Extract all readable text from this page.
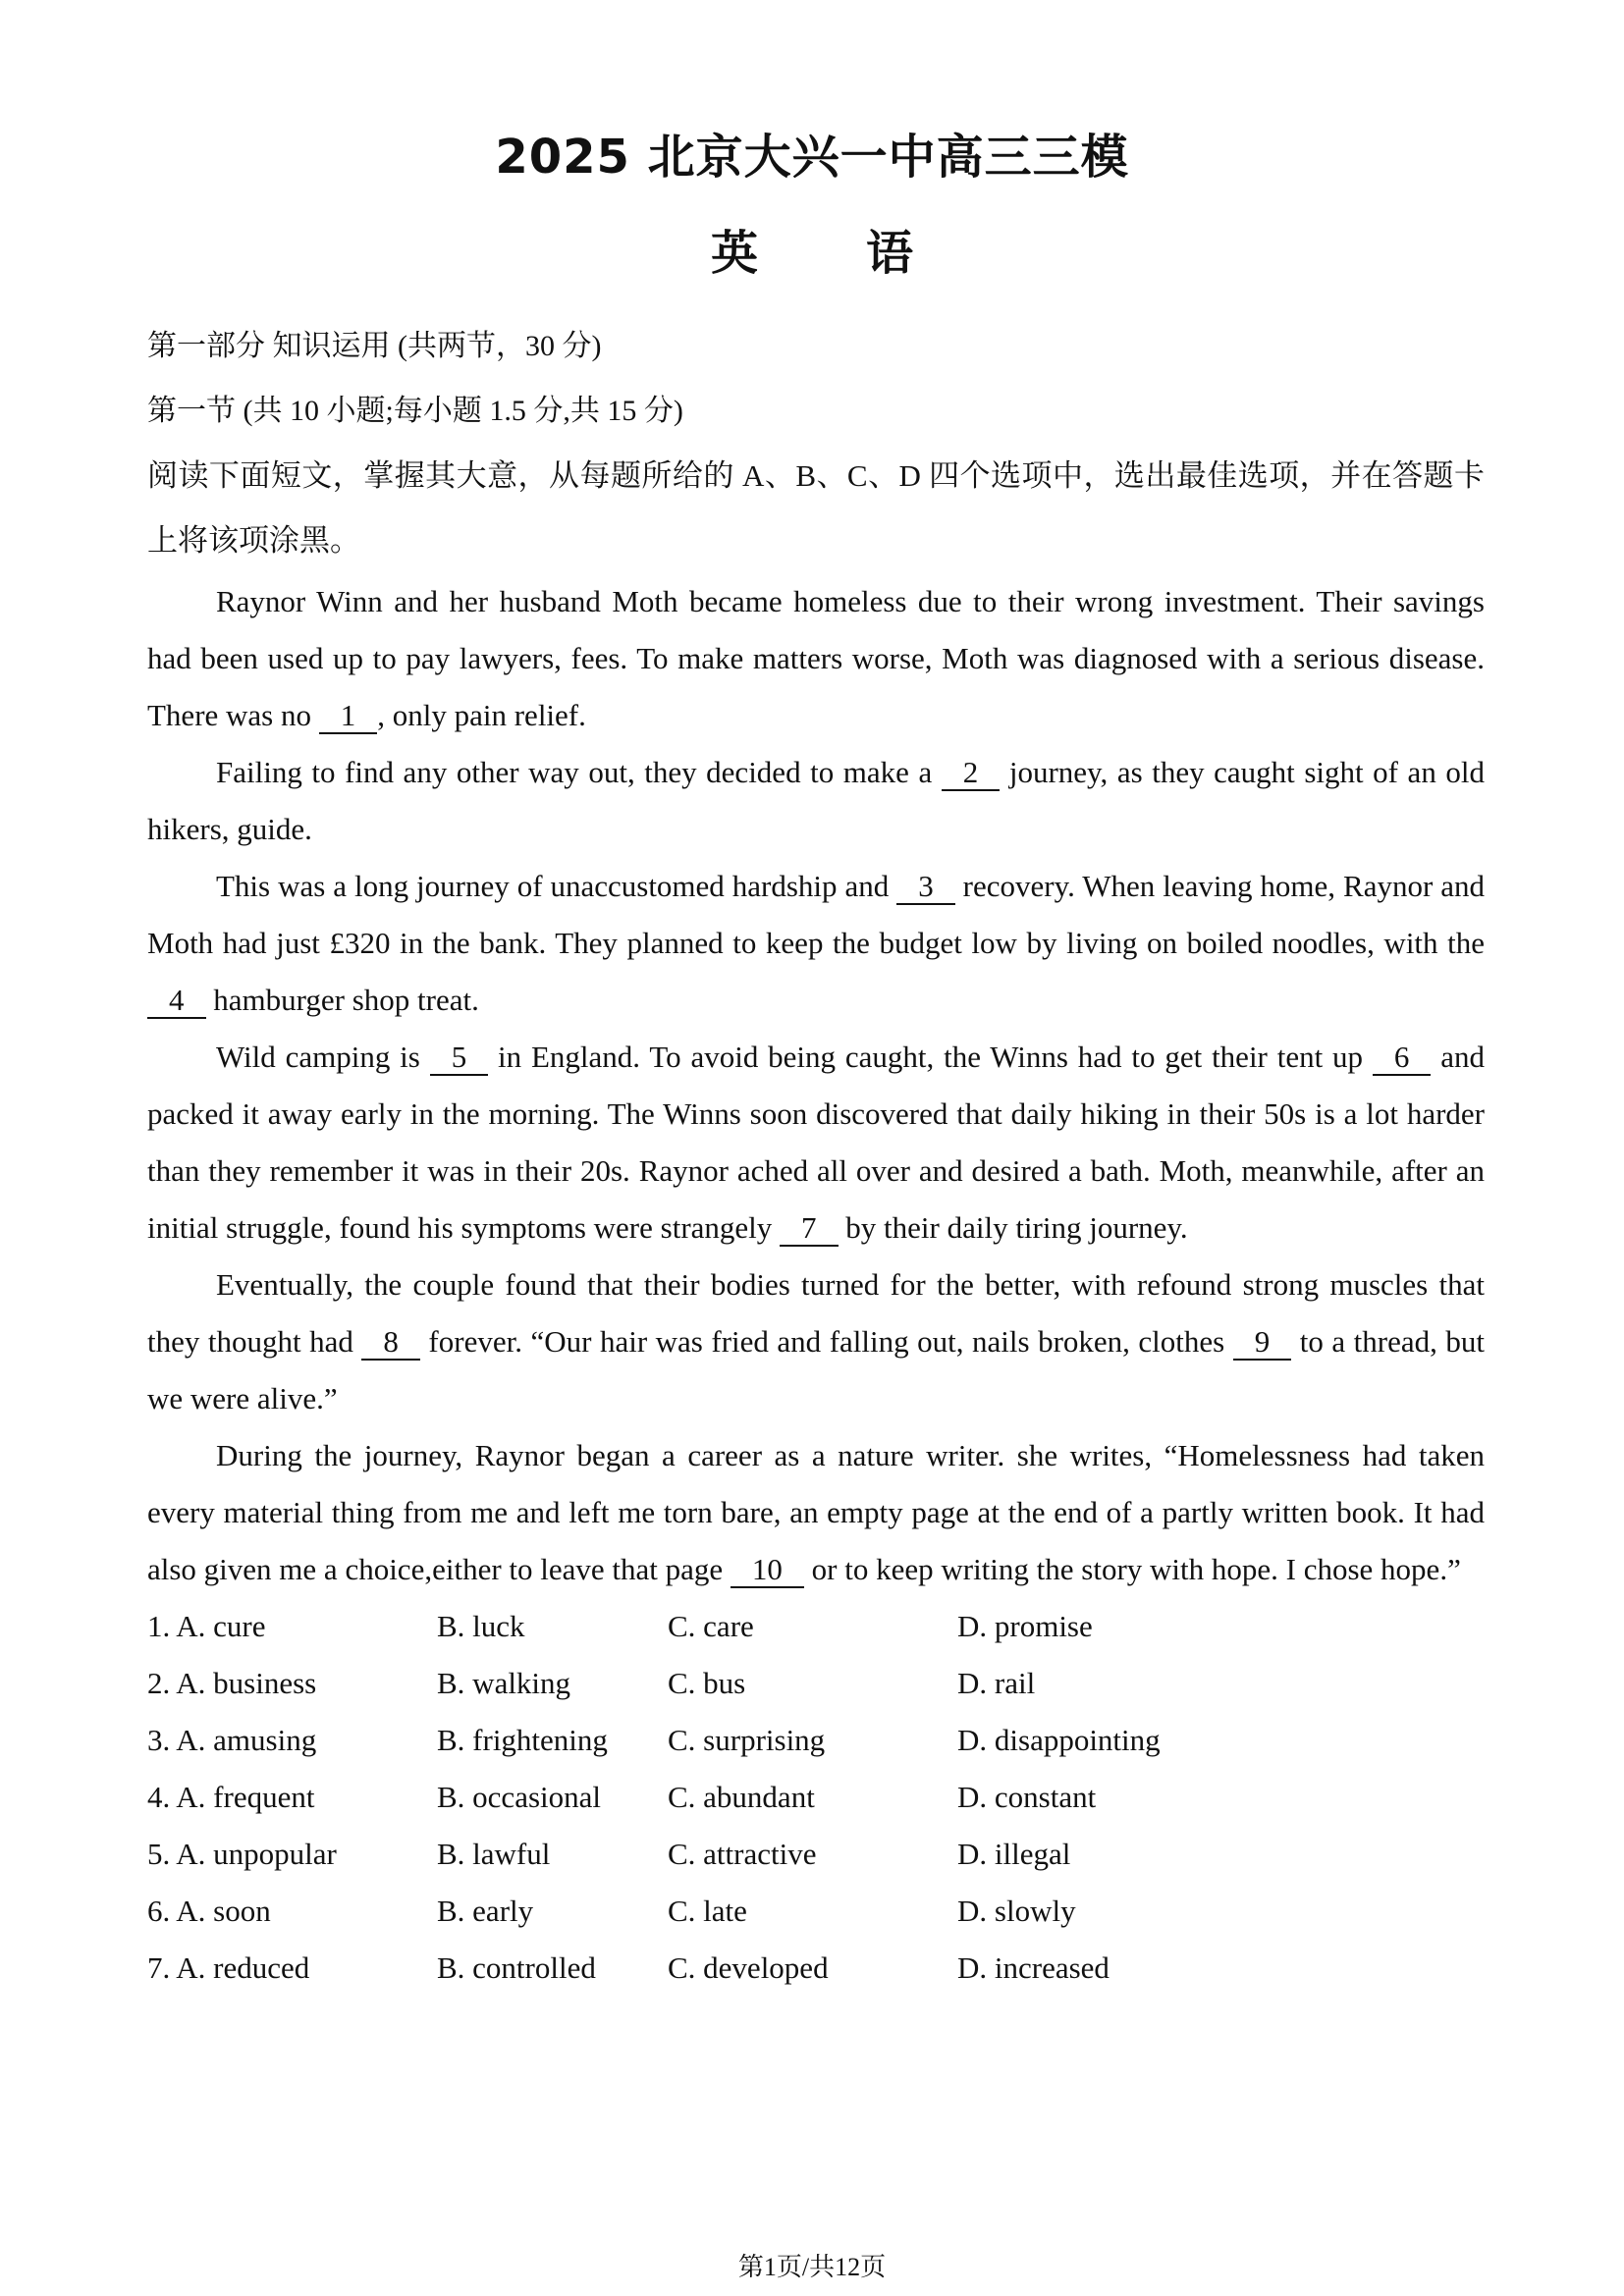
2025 北京大兴一中高三三模
英 语

第一部分 知识运用 (共两节，30 分)

第一节 (共 10 小题;每小题 1.5 分,共 15 分)

阅读下面短文，掌握其大意，从每题所给的 A、B、C、D 四个选项中，选出最佳选项，并在答题卡上将该项涂黑。

Raynor Winn and her husband Moth became homeless due to their wrong investment. Their savings had been used up to pay lawyers, fees. To make matters worse, Moth was diagnosed with a serious disease. There was no 1 , only pain relief.

Failing to find any other way out, they decided to make a 2 journey, as they caught sight of an old hikers, guide.

This was a long journey of unaccustomed hardship and 3 recovery. When leaving home, Raynor and Moth had just £320 in the bank. They planned to keep the budget low by living on boiled noodles, with the 4 hamburger shop treat.

Wild camping is 5 in England. To avoid being caught, the Winns had to get their tent up 6 and packed it away early in the morning. The Winns soon discovered that daily hiking in their 50s is a lot harder than they remember it was in their 20s. Raynor ached all over and desired a bath. Moth, meanwhile, after an initial struggle, found his symptoms were strangely 7 by their daily tiring journey.

Eventually, the couple found that their bodies turned for the better, with refound strong muscles that they thought had 8 forever. “Our hair was fried and falling out, nails broken, clothes 9 to a thread, but we were alive.”

During the journey, Raynor began a career as a nature writer. she writes, “Homelessness had taken every material thing from me and left me torn bare, an empty page at the end of a partly written book. It had also given me a choice,either to leave that page 10 or to keep writing the story with hope. I chose hope.”

1. A. cure	B. luck	C. care	D. promise
2. A. business	B. walking	C. bus	D. rail
3. A. amusing	B. frightening	C. surprising	D. disappointing
4. A. frequent	B. occasional	C. abundant	D. constant
5. A. unpopular	B. lawful	C. attractive	D. illegal
6. A. soon	B. early	C. late	D. slowly
7. A. reduced	B. controlled	C. developed	D. increased
第1页/共12页
